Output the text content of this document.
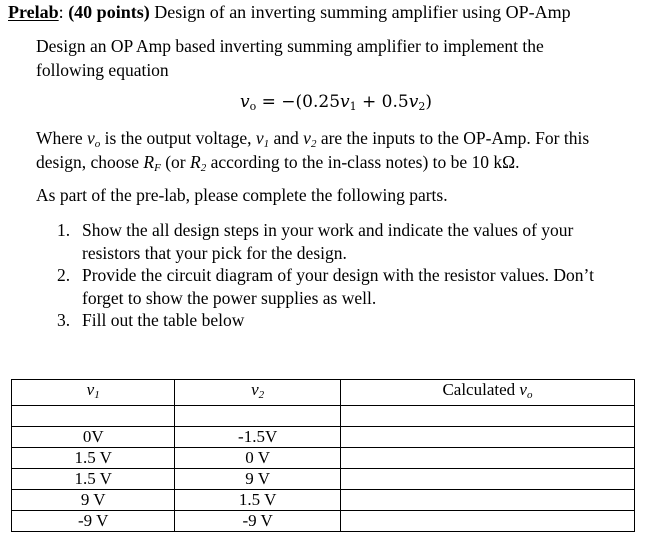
Prelab: (40 points) Design of an inverting summing amplifier using OP-Amp
Design an OP Amp based inverting summing amplifier to implement the
following equation
$v_o = -(0.25v_1 + 0.5v_2)$
Where $v_o$ is the output voltage, $v_1$ and $v_2$ are the inputs to the OP-Amp. For this
design, choose $R_F$ (or $R_2$ according to the in-class notes) to be 10 kΩ.
As part of the pre-lab, please complete the following parts.
1. Show the all design steps in your work and indicate the values of your
resistors that your pick for the design.
2. Provide the circuit diagram of your design with the resistor values. Don’t
forget to show the power supplies as well.
3. Fill out the table below
$v_1$	$v_2$	Calculated $v_o$

0V	-1.5V	
1.5 V	0 V	
1.5 V	9 V	
9 V	1.5 V	
-9 V	-9 V	
